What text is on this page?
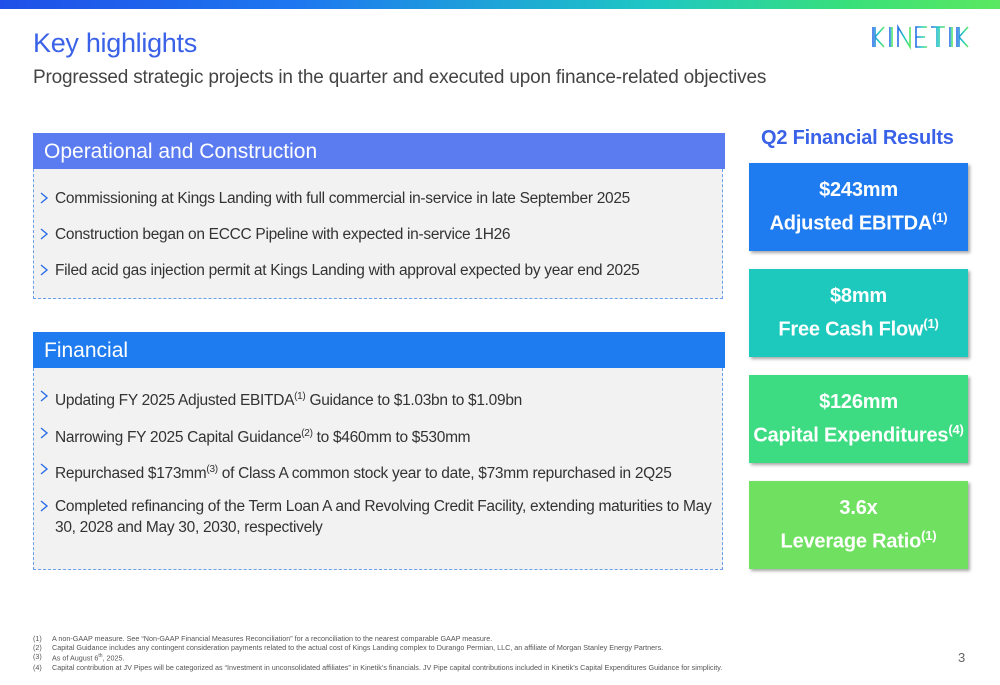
Key highlights
Progressed strategic projects in the quarter and executed upon finance-related objectives
Operational and Construction
Commissioning at Kings Landing with full commercial in-service in late September 2025
Construction began on ECCC Pipeline with expected in-service 1H26
Filed acid gas injection permit at Kings Landing with approval expected by year end 2025
Financial
Updating FY 2025 Adjusted EBITDA$^{(1)}$ Guidance to $1.03bn to $1.09bn
Narrowing FY 2025 Capital Guidance$^{(2)}$ to $460mm to $530mm
Repurchased $\$173mm^{(3)}$ of Class A common stock year to date, $73mm repurchased in 2Q25
Completed refinancing of the Term Loan A and Revolving Credit Facility, extending maturities to May
30, 2028 and May 30, 2030, respectively
Q2 Financial Results
$243mm
Adjusted EBITDA$^{(1)}$
$8mm
Free Cash Flow$^{(1)}$
$126mm
Capital Expenditures$^{(4)}$
3.6x
Leverage Ratio$^{(1)}$
(1) A non-GAAP measure. See “Non-GAAP Financial Measures Reconciliation” for a reconciliation to the nearest comparable GAAP measure.
(2) Capital Guidance includes any contingent consideration payments related to the actual cost of Kings Landing complex to Durango Permian, LLC, an affiliate of Morgan Stanley Energy Partners.
(3) As of August 6th, 2025.
(4) Capital contribution at JV Pipes will be categorized as “Investment in unconsolidated affiliates” in Kinetik’s financials. JV Pipe capital contributions included in Kinetik’s Capital Expenditures Guidance for simplicity.
3
